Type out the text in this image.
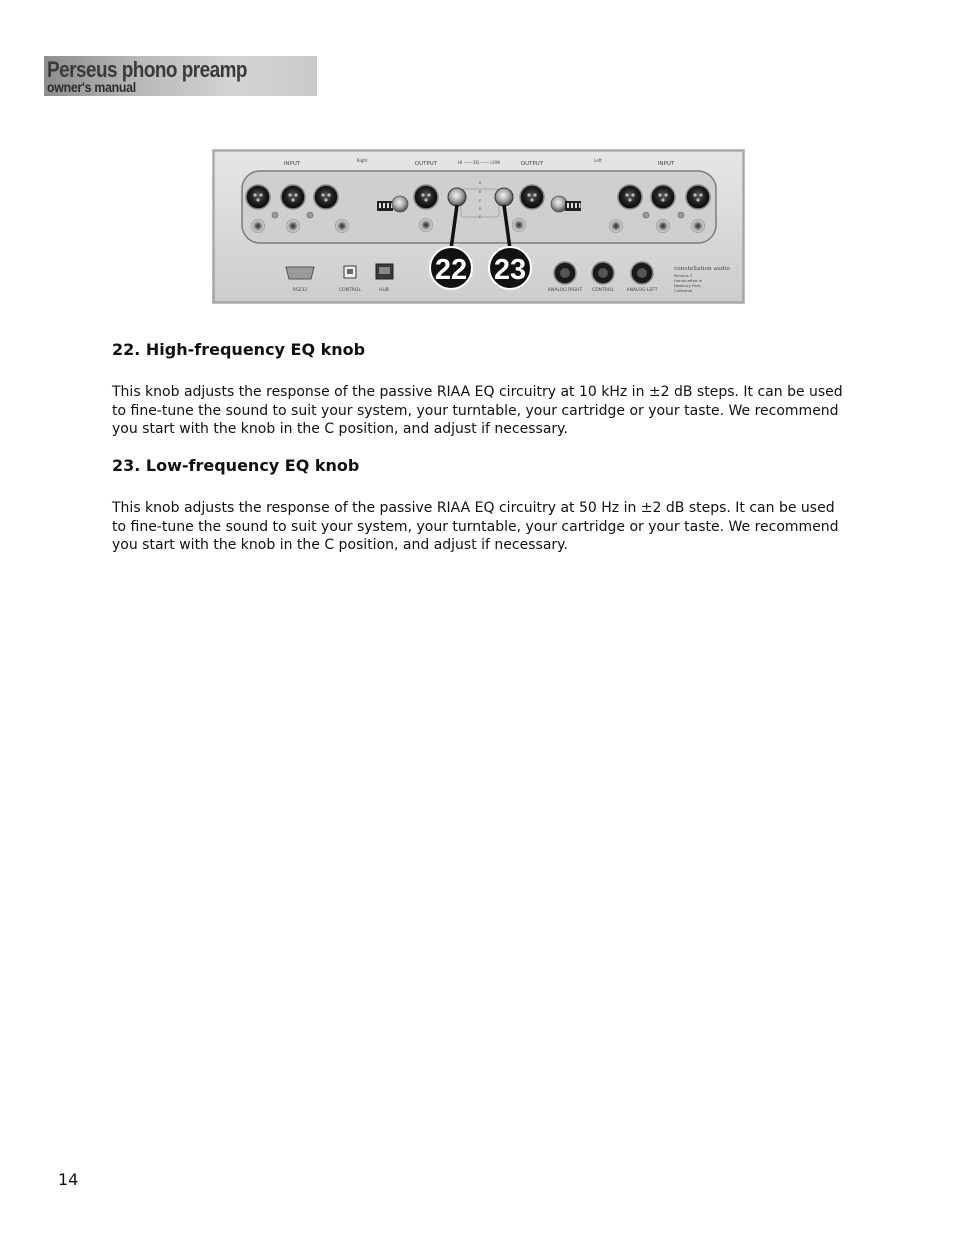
Perseus phono preamp
owner's manual
INPUT
Right
OUTPUT	HI —— EQ —— LOW	OUTPUT
Left
INPUT
A
B
C
D
E
RS232	CONTROL	HUB	ANALOG RIGHT CONTROL	ANALOG LEFT
constellation audio
Perseus 2
Handcrafted in
Newbury Park,
California
22 23
22. High-frequency EQ knob

This knob adjusts the response of the passive RIAA EQ circuitry at 10 kHz in ±2 dB steps. It can be used to fine-tune the sound to suit your system, your turntable, your cartridge or your taste. We recommend you start with the knob in the C position, and adjust if necessary.

23. Low-frequency EQ knob

This knob adjusts the response of the passive RIAA EQ circuitry at 50 Hz in ±2 dB steps. It can be used to fine-tune the sound to suit your system, your turntable, your cartridge or your taste. We recommend you start with the knob in the C position, and adjust if necessary.

14
